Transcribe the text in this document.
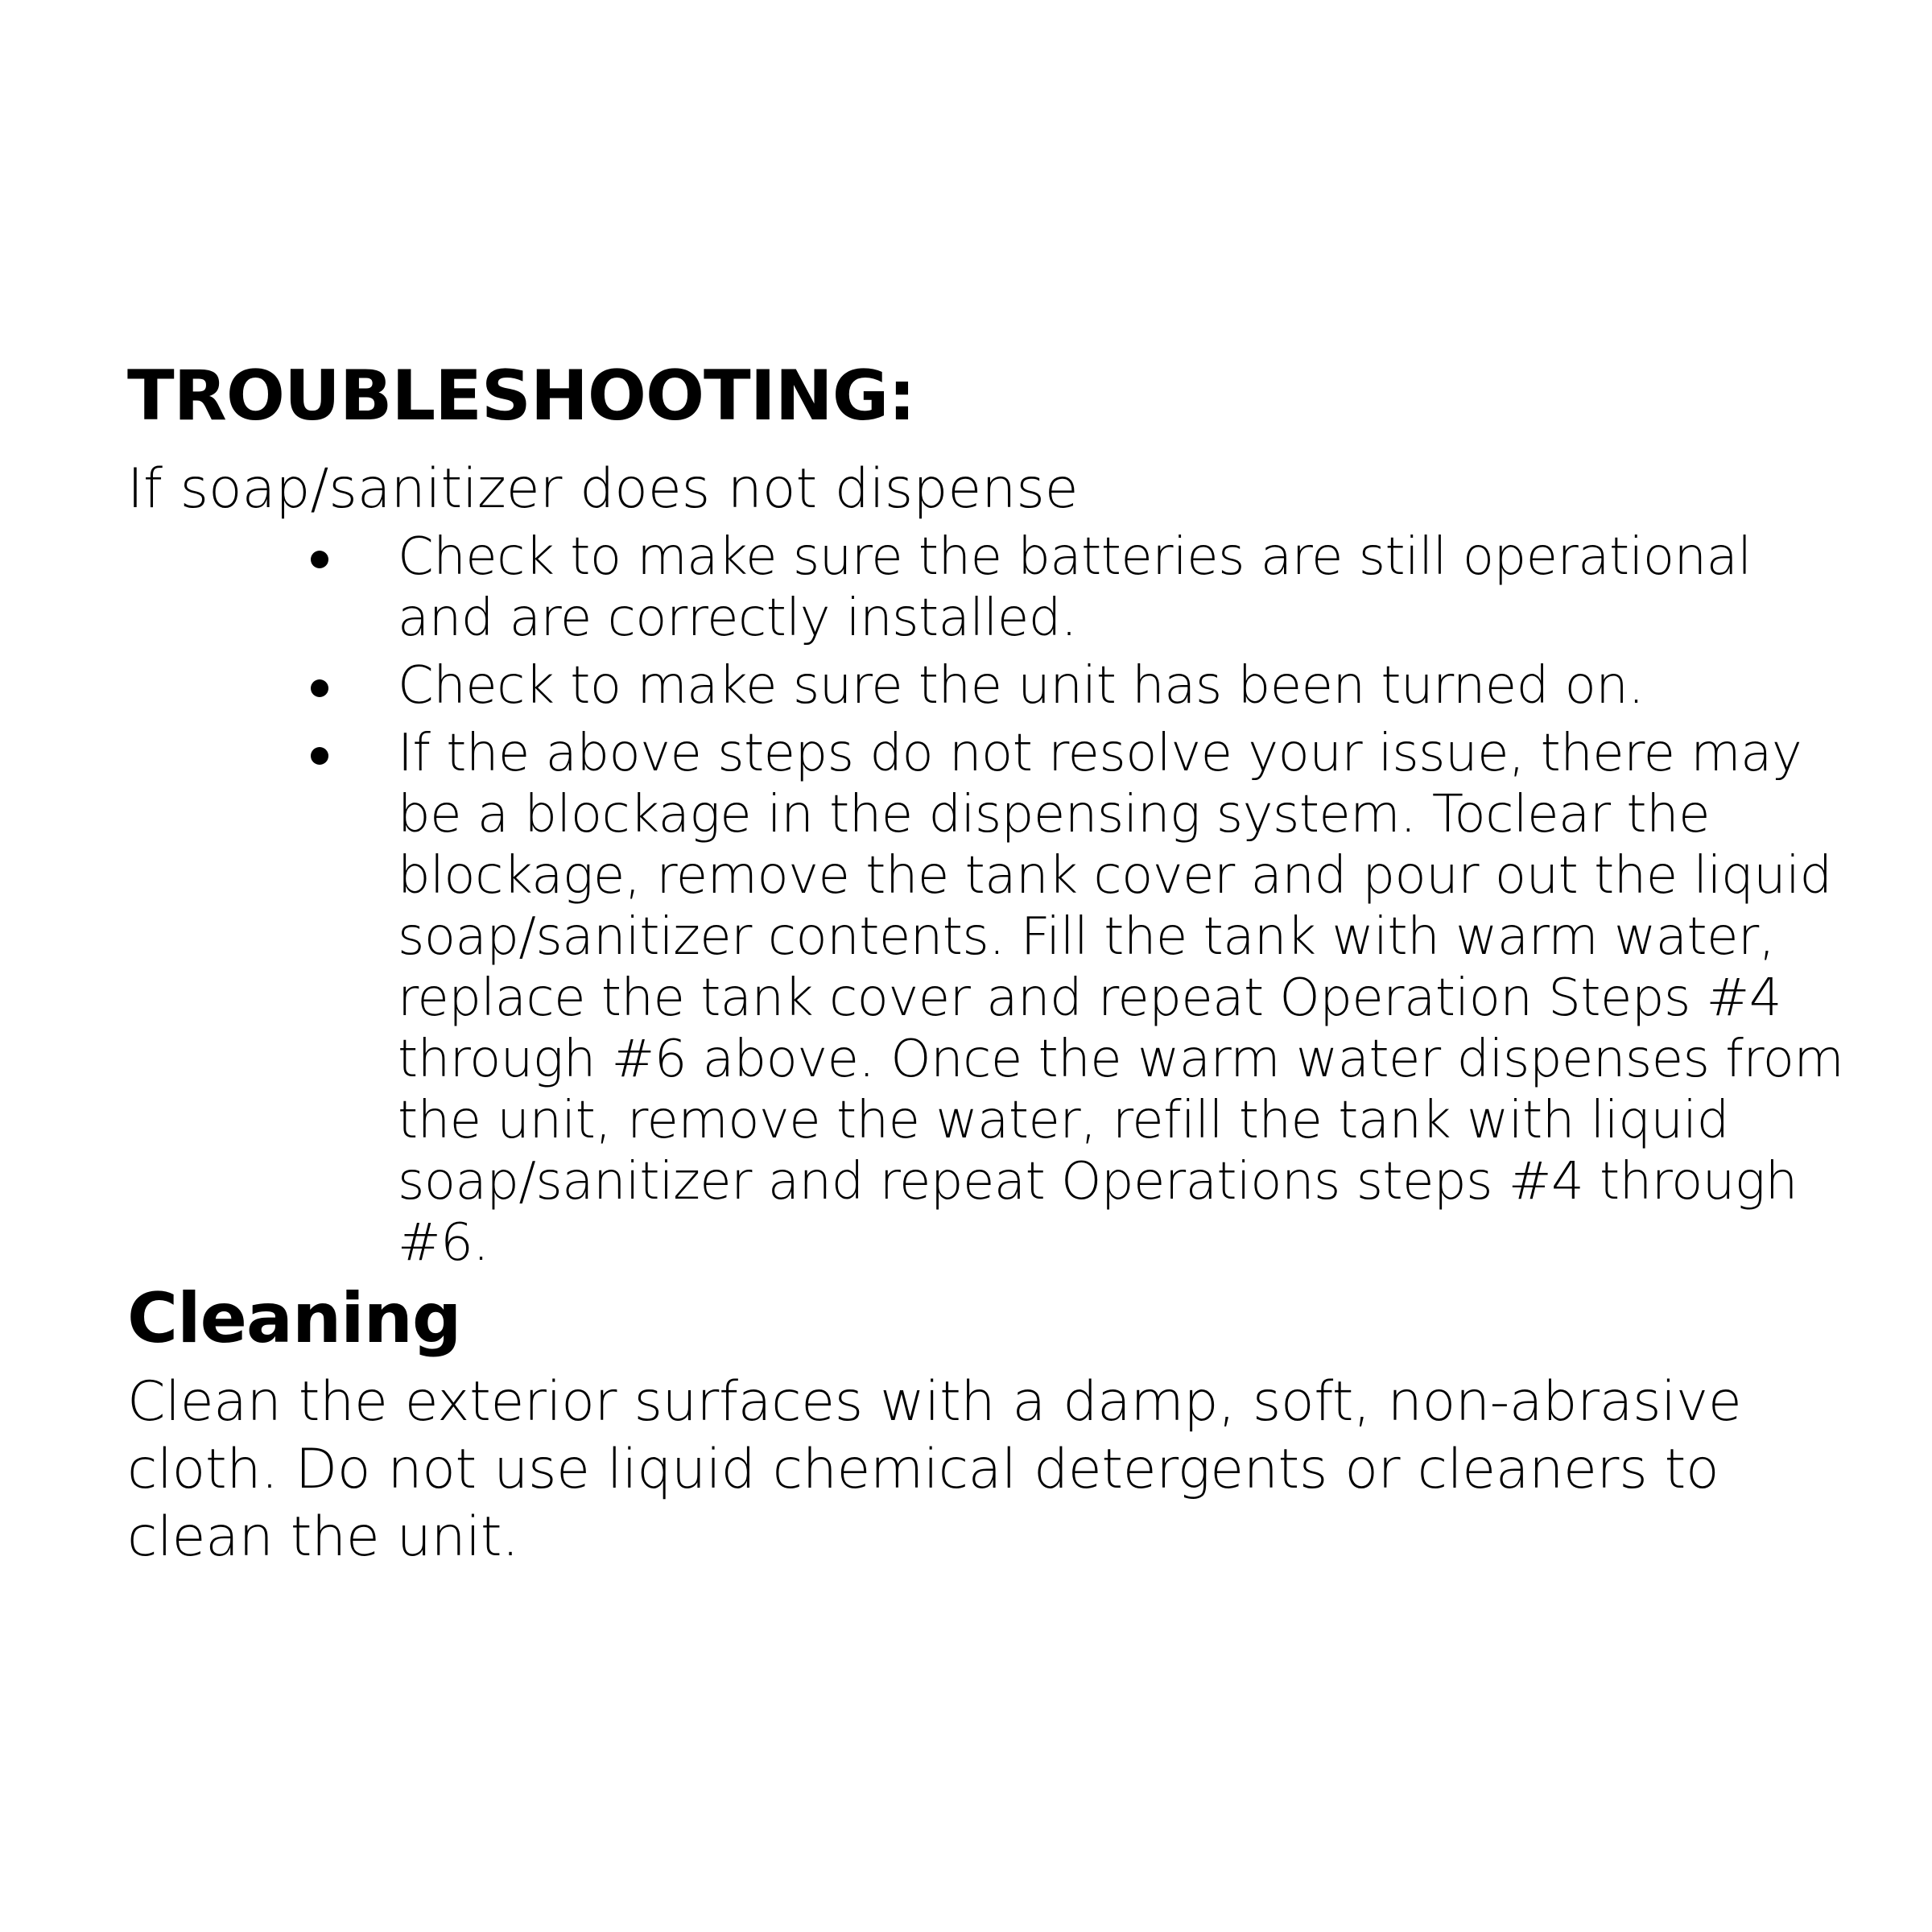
TROUBLESHOOTING:
If soap/sanitizer does not dispense
Check to make sure the batteries are still operational and are correctly installed.
Check to make sure the unit has been turned on.
If the above steps do not resolve your issue, there may be a blockage in the dispensing system. Toclear the blockage, remove the tank cover and pour out the liquid soap/sanitizer contents. Fill the tank with warm water, replace the tank cover and repeat Operation Steps #4 through #6 above. Once the warm water dispenses from the unit, remove the water, refill the tank with liquid soap/sanitizer and repeat Operations steps #4 through #6.
Cleaning
Clean the exterior surfaces with a damp, soft, non-abrasive cloth. Do not use liquid chemical detergents or cleaners to clean the unit.
